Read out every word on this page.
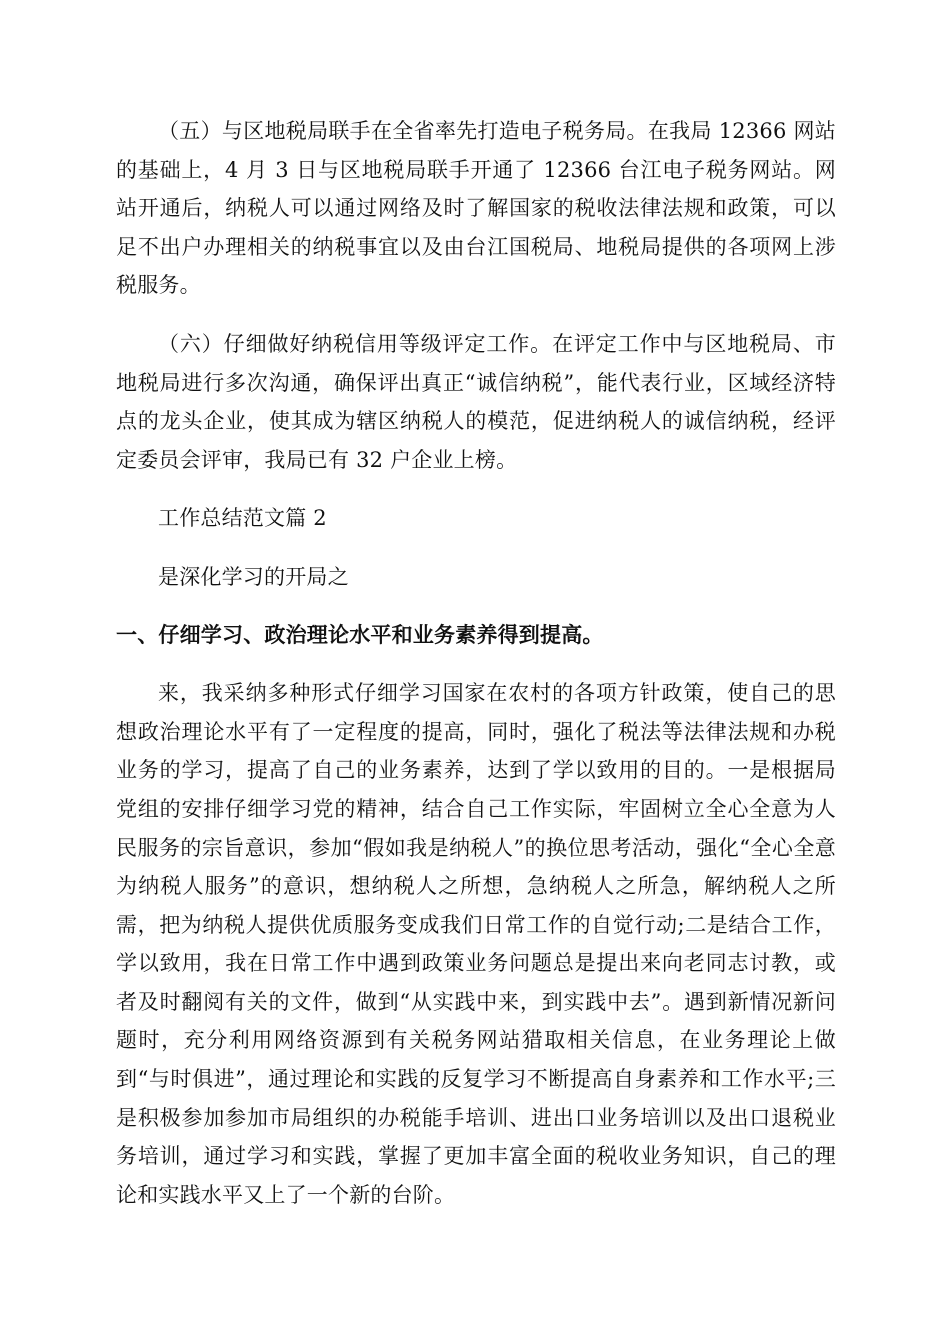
（五）与区地税局联手在全省率先打造电子税务局。在我局 12366 网站的基础上，4 月 3 日与区地税局联手开通了 12366 台江电子税务网站。网站开通后，纳税人可以通过网络及时了解国家的税收法律法规和政策，可以足不出户办理相关的纳税事宜以及由台江国税局、地税局提供的各项网上涉税服务。

（六）仔细做好纳税信用等级评定工作。在评定工作中与区地税局、市地税局进行多次沟通，确保评出真正“诚信纳税”，能代表行业，区域经济特点的龙头企业，使其成为辖区纳税人的模范，促进纳税人的诚信纳税，经评定委员会评审，我局已有 32 户企业上榜。

工作总结范文篇 2

是深化学习的开局之

一、仔细学习、政治理论水平和业务素养得到提高。

来，我采纳多种形式仔细学习国家在农村的各项方针政策，使自己的思想政治理论水平有了一定程度的提高，同时，强化了税法等法律法规和办税业务的学习，提高了自己的业务素养，达到了学以致用的目的。一是根据局党组的安排仔细学习党的精神，结合自己工作实际，牢固树立全心全意为人民服务的宗旨意识，参加“假如我是纳税人”的换位思考活动，强化“全心全意为纳税人服务”的意识，想纳税人之所想，急纳税人之所急，解纳税人之所需，把为纳税人提供优质服务变成我们日常工作的自觉行动;二是结合工作，学以致用，我在日常工作中遇到政策业务问题总是提出来向老同志讨教，或者及时翻阅有关的文件，做到“从实践中来，到实践中去”。遇到新情况新问题时，充分利用网络资源到有关税务网站猎取相关信息，在业务理论上做到“与时俱进”，通过理论和实践的反复学习不断提高自身素养和工作水平;三是积极参加参加市局组织的办税能手培训、进出口业务培训以及出口退税业务培训，通过学习和实践，掌握了更加丰富全面的税收业务知识，自己的理论和实践水平又上了一个新的台阶。
